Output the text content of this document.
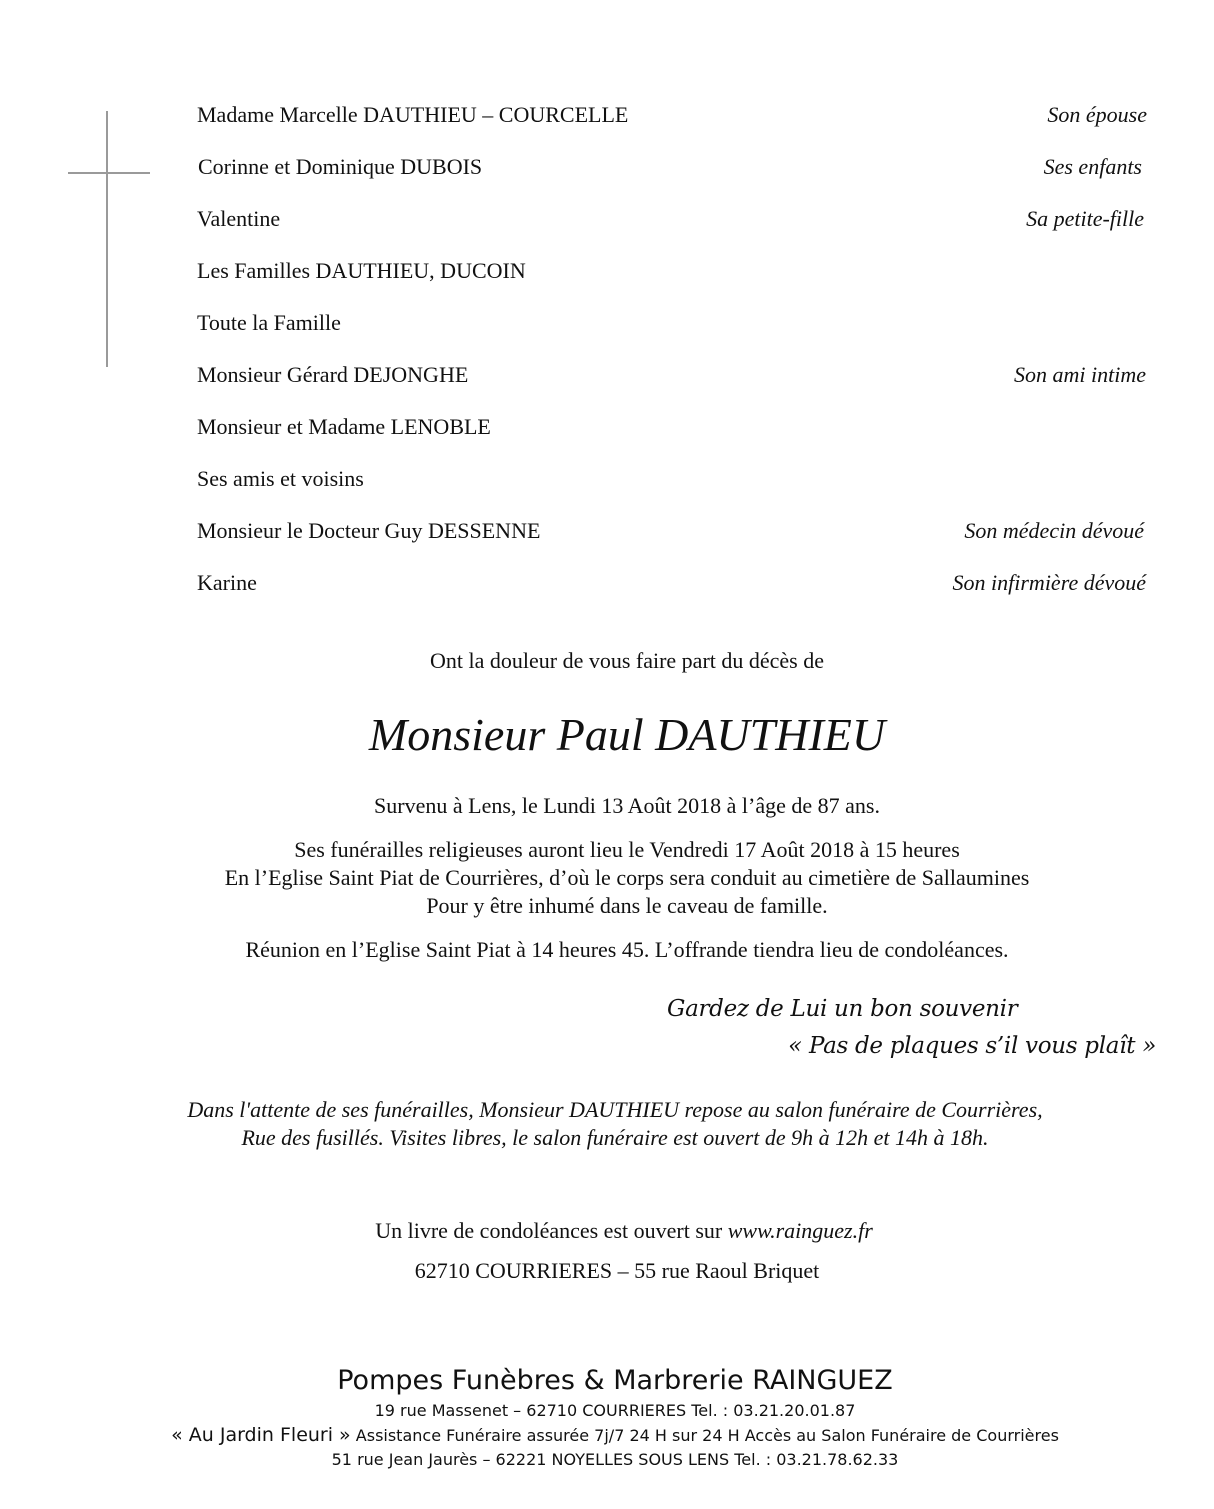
Madame Marcelle DAUTHIEU – COURCELLE	Son épouse
Corinne et Dominique DUBOIS	Ses enfants
Valentine	Sa petite-fille
Les Familles DAUTHIEU, DUCOIN
Toute la Famille
Monsieur Gérard DEJONGHE	Son ami intime
Monsieur et Madame LENOBLE
Ses amis et voisins
Monsieur le Docteur Guy DESSENNE	Son médecin dévoué
Karine	Son infirmière dévoué
Ont la douleur de vous faire part du décès de
Monsieur Paul DAUTHIEU
Survenu à Lens, le Lundi 13 Août 2018 à l’âge de 87 ans.
Ses funérailles religieuses auront lieu le Vendredi 17 Août 2018 à 15 heures
En l’Eglise Saint Piat de Courrières, d’où le corps sera conduit au cimetière de Sallaumines
Pour y être inhumé dans le caveau de famille.
Réunion en l’Eglise Saint Piat à 14 heures 45. L’offrande tiendra lieu de condoléances.
Gardez de Lui un bon souvenir
« Pas de plaques s’il vous plaît »
Dans l'attente de ses funérailles, Monsieur DAUTHIEU repose au salon funéraire de Courrières,
Rue des fusillés. Visites libres, le salon funéraire est ouvert de 9h à 12h et 14h à 18h.
Un livre de condoléances est ouvert sur www.rainguez.fr
62710 COURRIERES – 55 rue Raoul Briquet
Pompes Funèbres & Marbrerie RAINGUEZ
19 rue Massenet – 62710 COURRIERES Tel. : 03.21.20.01.87
« Au Jardin Fleuri » Assistance Funéraire assurée 7j/7 24 H sur 24 H Accès au Salon Funéraire de Courrières
51 rue Jean Jaurès – 62221 NOYELLES SOUS LENS Tel. : 03.21.78.62.33
